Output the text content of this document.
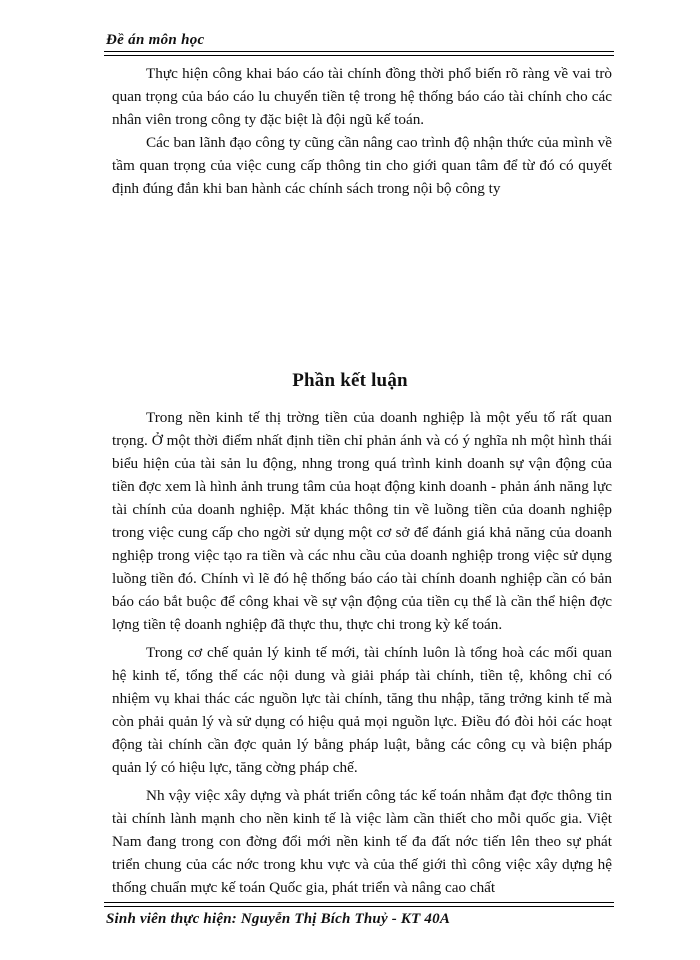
Đề án môn học

Thực hiện công khai báo cáo tài chính đồng thời phổ biến rõ ràng về vai trò quan trọng của báo cáo lu chuyển tiền tệ trong hệ thống báo cáo tài chính cho các nhân viên trong công ty đặc biệt là đội ngũ kế toán.

Các ban lãnh đạo công ty cũng cần nâng cao trình độ nhận thức của mình về tầm quan trọng của việc cung cấp thông tin cho giới quan tâm để từ đó có quyết định đúng đắn khi ban hành các chính sách trong nội bộ công ty

Phần kết luận

Trong nền kinh tế thị trờng tiền của doanh nghiệp là một yếu tố rất quan trọng. Ở một thời điểm nhất định tiền chỉ phản ánh và có ý nghĩa nh một hình thái biểu hiện của tài sản lu động, nhng trong quá trình kinh doanh sự vận động của tiền đợc xem là hình ảnh trung tâm của hoạt động kinh doanh - phản ánh năng lực tài chính của doanh nghiệp. Mặt khác thông tin về luồng tiền của doanh nghiệp trong việc cung cấp cho ngời sử dụng một cơ sở để đánh giá khả năng của doanh nghiệp trong việc tạo ra tiền và các nhu cầu của doanh nghiệp trong việc sử dụng luồng tiền đó. Chính vì lẽ đó hệ thống báo cáo tài chính doanh nghiệp cần có bản báo cáo bắt buộc để công khai về sự vận động của tiền cụ thể là cần thể hiện đợc lợng tiền tệ doanh nghiệp đã thực thu, thực chi trong kỳ kế toán.

Trong cơ chế quản lý kinh tế mới, tài chính luôn là tổng hoà các mối quan hệ kinh tế, tổng thể các nội dung và giải pháp tài chính, tiền tệ, không chỉ có nhiệm vụ khai thác các nguồn lực tài chính, tăng thu nhập, tăng trởng kinh tế mà còn phải quản lý và sử dụng có hiệu quả mọi nguồn lực. Điều đó đòi hỏi các hoạt động tài chính cần đợc quản lý bằng pháp luật, bằng các công cụ và biện pháp quản lý có hiệu lực, tăng cờng pháp chế.

Nh vậy việc xây dựng và phát triển công tác kế toán nhằm đạt đợc thông tin tài chính lành mạnh cho nền kinh tế là việc làm cần thiết cho mỗi quốc gia. Việt Nam đang trong con đờng đổi mới nền kinh tế đa đất nớc tiến lên theo sự phát triển chung của các nớc trong khu vực và của thế giới thì công việc xây dựng hệ thống chuẩn mực kế toán Quốc gia, phát triển và nâng cao chất

Sinh viên thực hiện: Nguyễn Thị Bích Thuỷ - KT 40A
